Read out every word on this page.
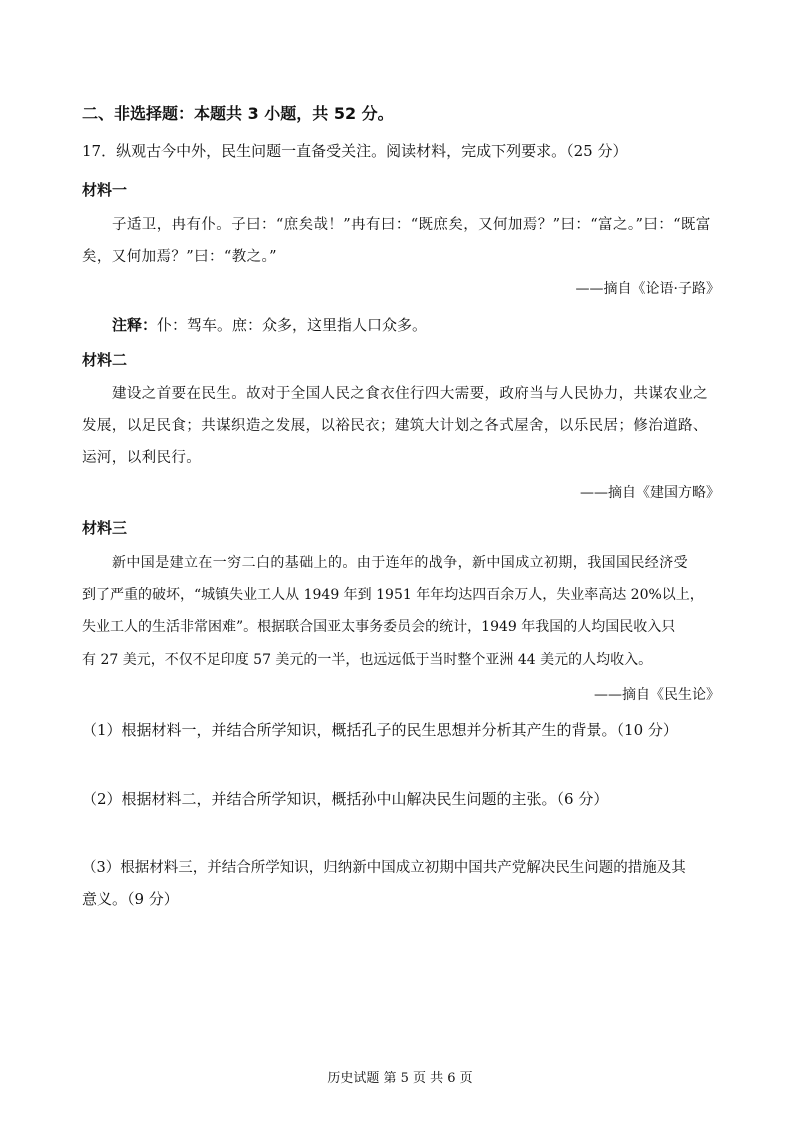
二、非选择题：本题共 3 小题，共 52 分。
17．纵观古今中外，民生问题一直备受关注。阅读材料，完成下列要求。（25 分）
材料一
子适卫，冉有仆。子曰：“庶矣哉！”冉有曰：“既庶矣，又何加焉？”曰：“富之。”曰：“既富
矣，又何加焉？”曰：“教之。”
——摘自《论语·子路》
注释：仆：驾车。庶：众多，这里指人口众多。
材料二
建设之首要在民生。故对于全国人民之食衣住行四大需要，政府当与人民协力，共谋农业之
发展，以足民食；共谋织造之发展，以裕民衣；建筑大计划之各式屋舍，以乐民居；修治道路、
运河，以利民行。
——摘自《建国方略》
材料三
新中国是建立在一穷二白的基础上的。由于连年的战争，新中国成立初期，我国国民经济受
到了严重的破坏，“城镇失业工人从 1949 年到 1951 年年均达四百余万人，失业率高达 20%以上，
失业工人的生活非常困难”。根据联合国亚太事务委员会的统计，1949 年我国的人均国民收入只
有 27 美元，不仅不足印度 57 美元的一半，也远远低于当时整个亚洲 44 美元的人均收入。
——摘自《民生论》
（1）根据材料一，并结合所学知识，概括孔子的民生思想并分析其产生的背景。（10 分）
（2）根据材料二，并结合所学知识，概括孙中山解决民生问题的主张。（6 分）
（3）根据材料三，并结合所学知识，归纳新中国成立初期中国共产党解决民生问题的措施及其
意义。（9 分）
历史试题 第 5 页 共 6 页
